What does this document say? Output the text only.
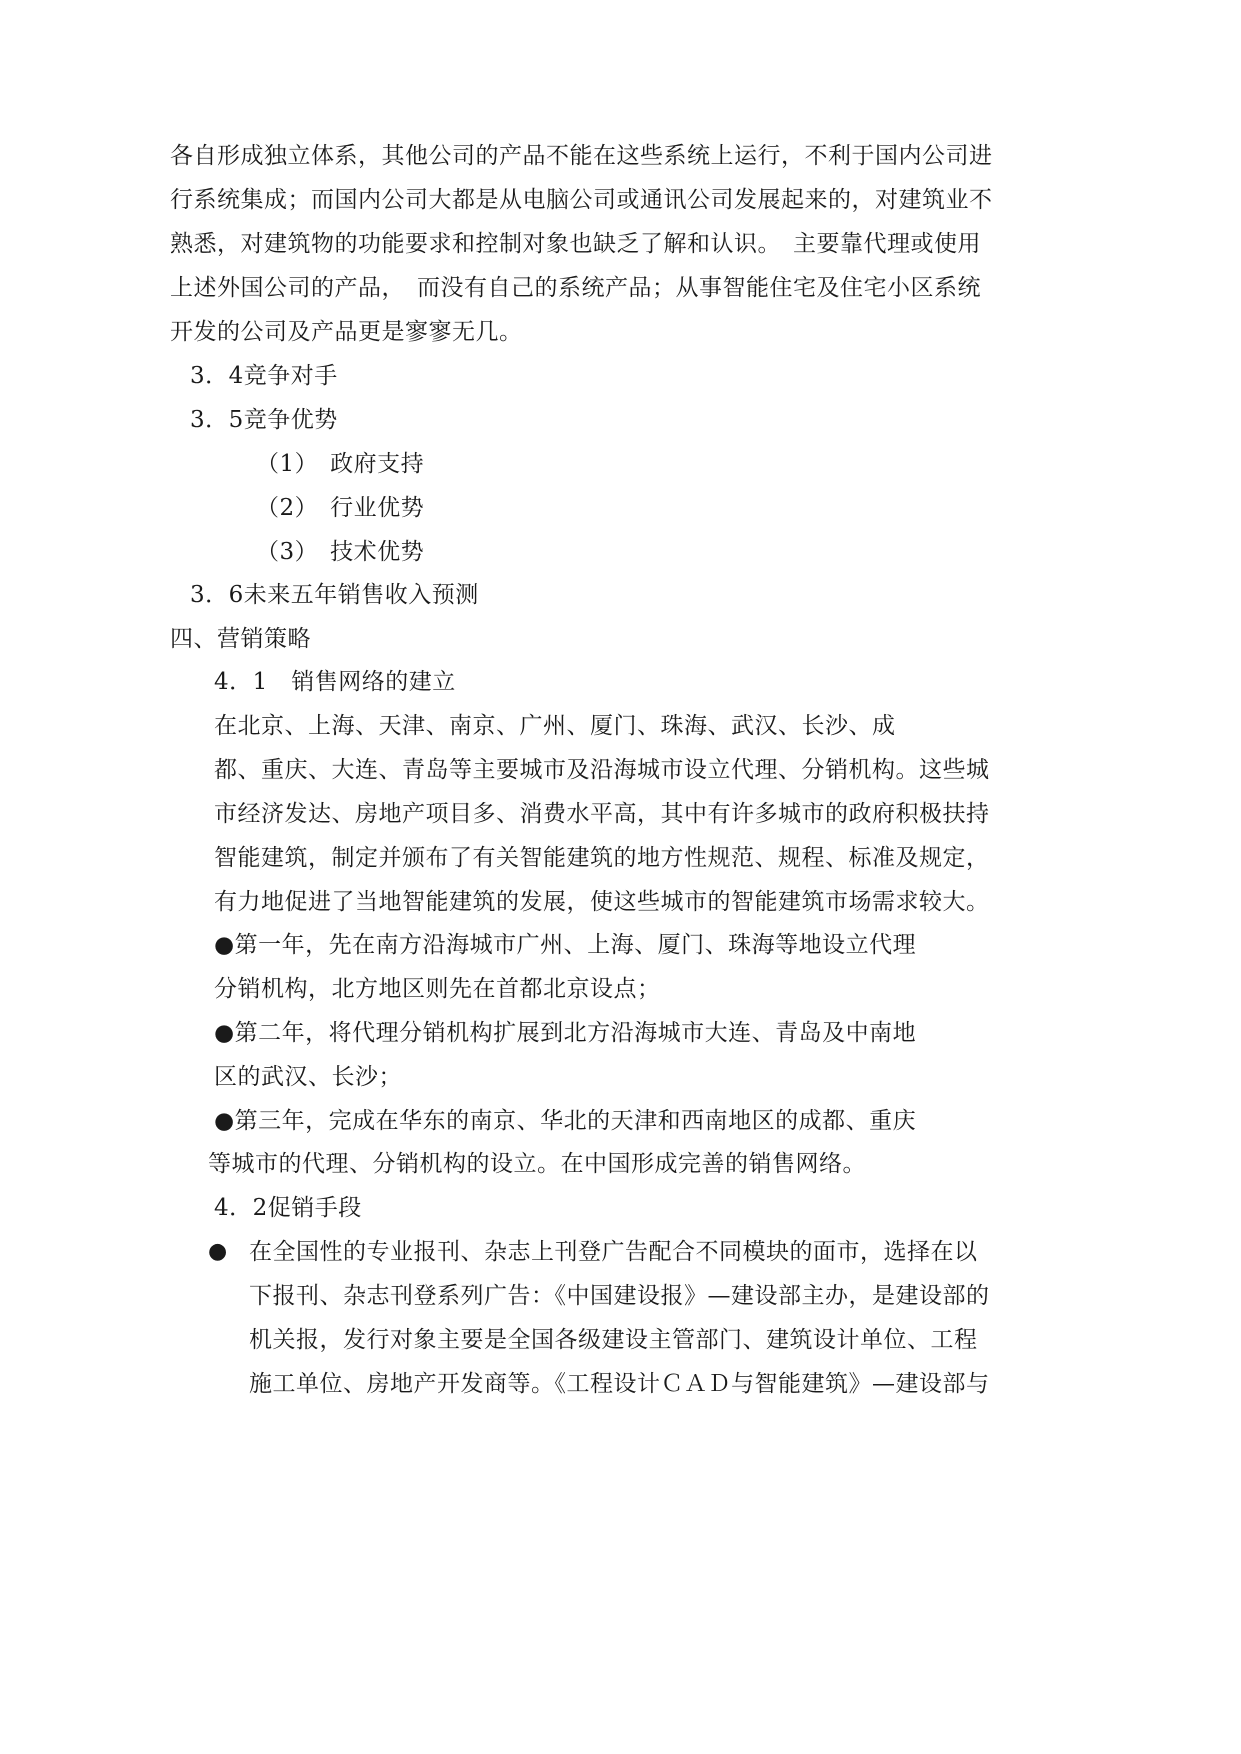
各自形成独立体系，其他公司的产品不能在这些系统上运行，不利于国内公司进
行系统集成；而国内公司大都是从电脑公司或通讯公司发展起来的，对建筑业不
熟悉，对建筑物的功能要求和控制对象也缺乏了解和认识。　主要靠代理或使用
上述外国公司的产品，　而没有自己的系统产品；从事智能住宅及住宅小区系统
开发的公司及产品更是寥寥无几。
3．4竞争对手
3．5竞争优势
（1）　政府支持
（2）　行业优势
（3）　技术优势
3．6未来五年销售收入预测
四、营销策略
4．1　销售网络的建立
在北京、上海、天津、南京、广州、厦门、珠海、武汉、长沙、成
都、重庆、大连、青岛等主要城市及沿海城市设立代理、分销机构。这些城
市经济发达、房地产项目多、消费水平高，其中有许多城市的政府积极扶持
智能建筑，制定并颁布了有关智能建筑的地方性规范、规程、标准及规定，
有力地促进了当地智能建筑的发展，使这些城市的智能建筑市场需求较大。
●第一年，先在南方沿海城市广州、上海、厦门、珠海等地设立代理
分销机构，北方地区则先在首都北京设点；
●第二年，将代理分销机构扩展到北方沿海城市大连、青岛及中南地
区的武汉、长沙；
●第三年，完成在华东的南京、华北的天津和西南地区的成都、重庆
等城市的代理、分销机构的设立。在中国形成完善的销售网络。
4．2促销手段
● 在全国性的专业报刊、杂志上刊登广告配合不同模块的面市，选择在以
下报刊、杂志刊登系列广告：《中国建设报》—建设部主办，是建设部的
机关报，发行对象主要是全国各级建设主管部门、建筑设计单位、工程
施工单位、房地产开发商等。《工程设计ＣＡＤ与智能建筑》—建设部与
